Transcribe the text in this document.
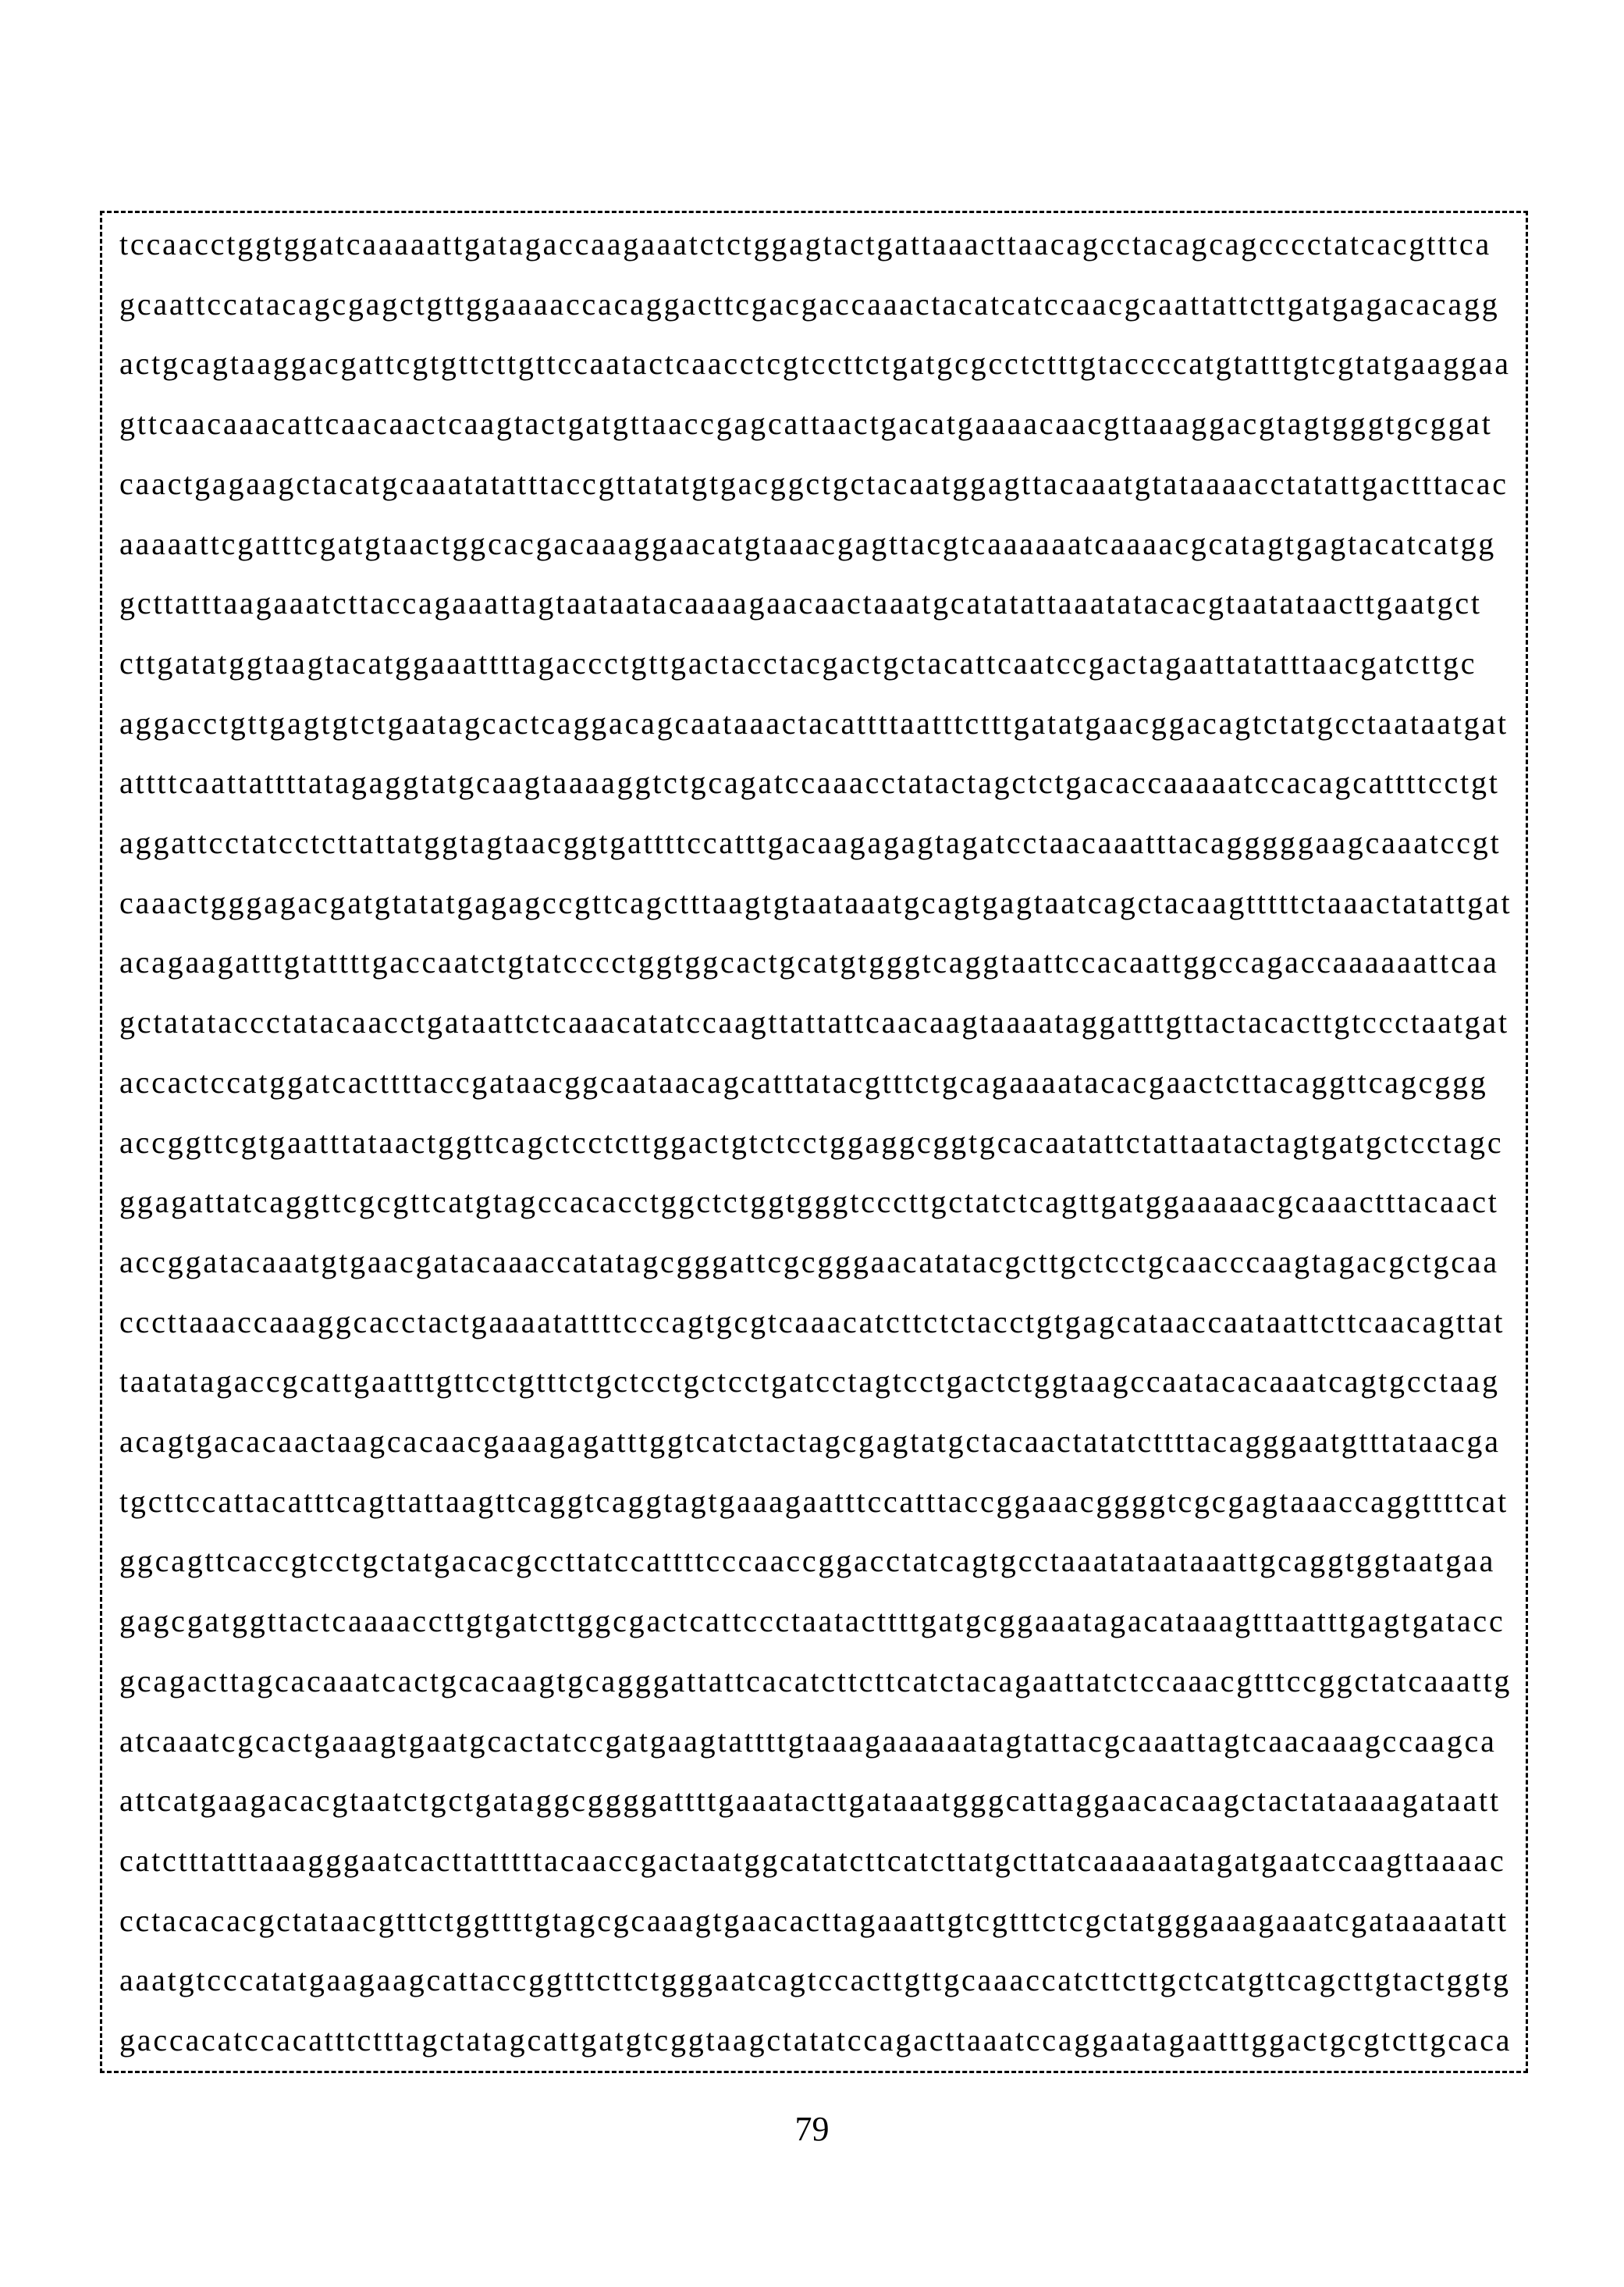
tccaacctggtggatcaaaaattgatagaccaagaaatctctggagtactgattaaacttaacagcctacagcagcccctatcacgtttca
gcaattccatacagcgagctgttggaaaaccacaggacttcgacgaccaaactacatcatccaacgcaattattcttgatgagacacagg
actgcagtaaggacgattcgtgttcttgttccaatactcaacctcgtccttctgatgcgcctctttgtaccccatgtatttgtcgtatgaaggaa
gttcaacaaacattcaacaactcaagtactgatgttaaccgagcattaactgacatgaaaacaacgttaaaggacgtagtgggtgcggat
caactgagaagctacatgcaaatatatttaccgttatatgtgacggctgctacaatggagttacaaatgtataaaacctatattgactttacac
aaaaattcgatttcgatgtaactggcacgacaaaggaacatgtaaacgagttacgtcaaaaaatcaaaacgcatagtgagtacatcatgg
gcttatttaagaaatcttaccagaaattagtaataatacaaaagaacaactaaatgcatatattaaatatacacgtaatataacttgaatgct
cttgatatggtaagtacatggaaattttagaccctgttgactacctacgactgctacattcaatccgactagaattatatttaacgatcttgc
aggacctgttgagtgtctgaatagcactcaggacagcaataaactacattttaatttctttgatatgaacggacagtctatgcctaataatgat
attttcaattattttatagaggtatgcaagtaaaaggtctgcagatccaaacctatactagctctgacaccaaaaatccacagcattttcctgt
aggattcctatcctcttattatggtagtaacggtgattttccatttgacaagagagtagatcctaacaaatttacagggggaagcaaatccgt
caaactgggagacgatgtatatgagagccgttcagctttaagtgtaataaatgcagtgagtaatcagctacaagtttttctaaactatattgat
acagaagatttgtattttgaccaatctgtatcccctggtggcactgcatgtgggtcaggtaattccacaattggccagaccaaaaaattcaa
gctatataccctatacaacctgataattctcaaacatatccaagttattattcaacaagtaaaataggatttgttactacacttgtccctaatgat
accactccatggatcacttttaccgataacggcaataacagcatttatacgtttctgcagaaaatacacgaactcttacaggttcagcggg
accggttcgtgaatttataactggttcagctcctcttggactgtctcctggaggcggtgcacaatattctattaatactagtgatgctcctagc
ggagattatcaggttcgcgttcatgtagccacacctggctctggtgggtcccttgctatctcagttgatggaaaaacgcaaactttacaact
accggatacaaatgtgaacgatacaaaccatatagcgggattcgcgggaacatatacgcttgctcctgcaacccaagtagacgctgcaa
cccttaaaccaaaggcacctactgaaaatattttcccagtgcgtcaaacatcttctctacctgtgagcataaccaataattcttcaacagttat
taatatagaccgcattgaatttgttcctgtttctgctcctgctcctgatcctagtcctgactctggtaagccaatacacaaatcagtgcctaag
acagtgacacaactaagcacaacgaaagagatttggtcatctactagcgagtatgctacaactatatcttttacagggaatgtttataacga
tgcttccattacatttcagttattaagttcaggtcaggtagtgaaagaatttccatttaccggaaacggggtcgcgagtaaaccaggttttcat
ggcagttcaccgtcctgctatgacacgccttatccattttcccaaccggacctatcagtgcctaaatataataaattgcaggtggtaatgaa
gagcgatggttactcaaaaccttgtgatcttggcgactcattccctaatacttttgatgcggaaatagacataaagtttaatttgagtgatacc
gcagacttagcacaaatcactgcacaagtgcagggattattcacatcttcttcatctacagaattatctccaaacgtttccggctatcaaattg
atcaaatcgcactgaaagtgaatgcactatccgatgaagtattttgtaaagaaaaaatagtattacgcaaattagtcaacaaagccaagca
attcatgaagacacgtaatctgctgataggcggggattttgaaatacttgataaatgggcattaggaacacaagctactataaaagataatt
catctttatttaaagggaatcacttatttttacaaccgactaatggcatatcttcatcttatgcttatcaaaaaatagatgaatccaagttaaaac
cctacacacgctataacgtttctggttttgtagcgcaaagtgaacacttagaaattgtcgtttctcgctatgggaaagaaatcgataaaatatt
aaatgtcccatatgaagaagcattaccggtttcttctgggaatcagtccacttgttgcaaaccatcttcttgctcatgttcagcttgtactggtg
gaccacatccacatttctttagctatagcattgatgtcggtaagctatatccagacttaaatccaggaatagaatttggactgcgtcttgcaca
79
